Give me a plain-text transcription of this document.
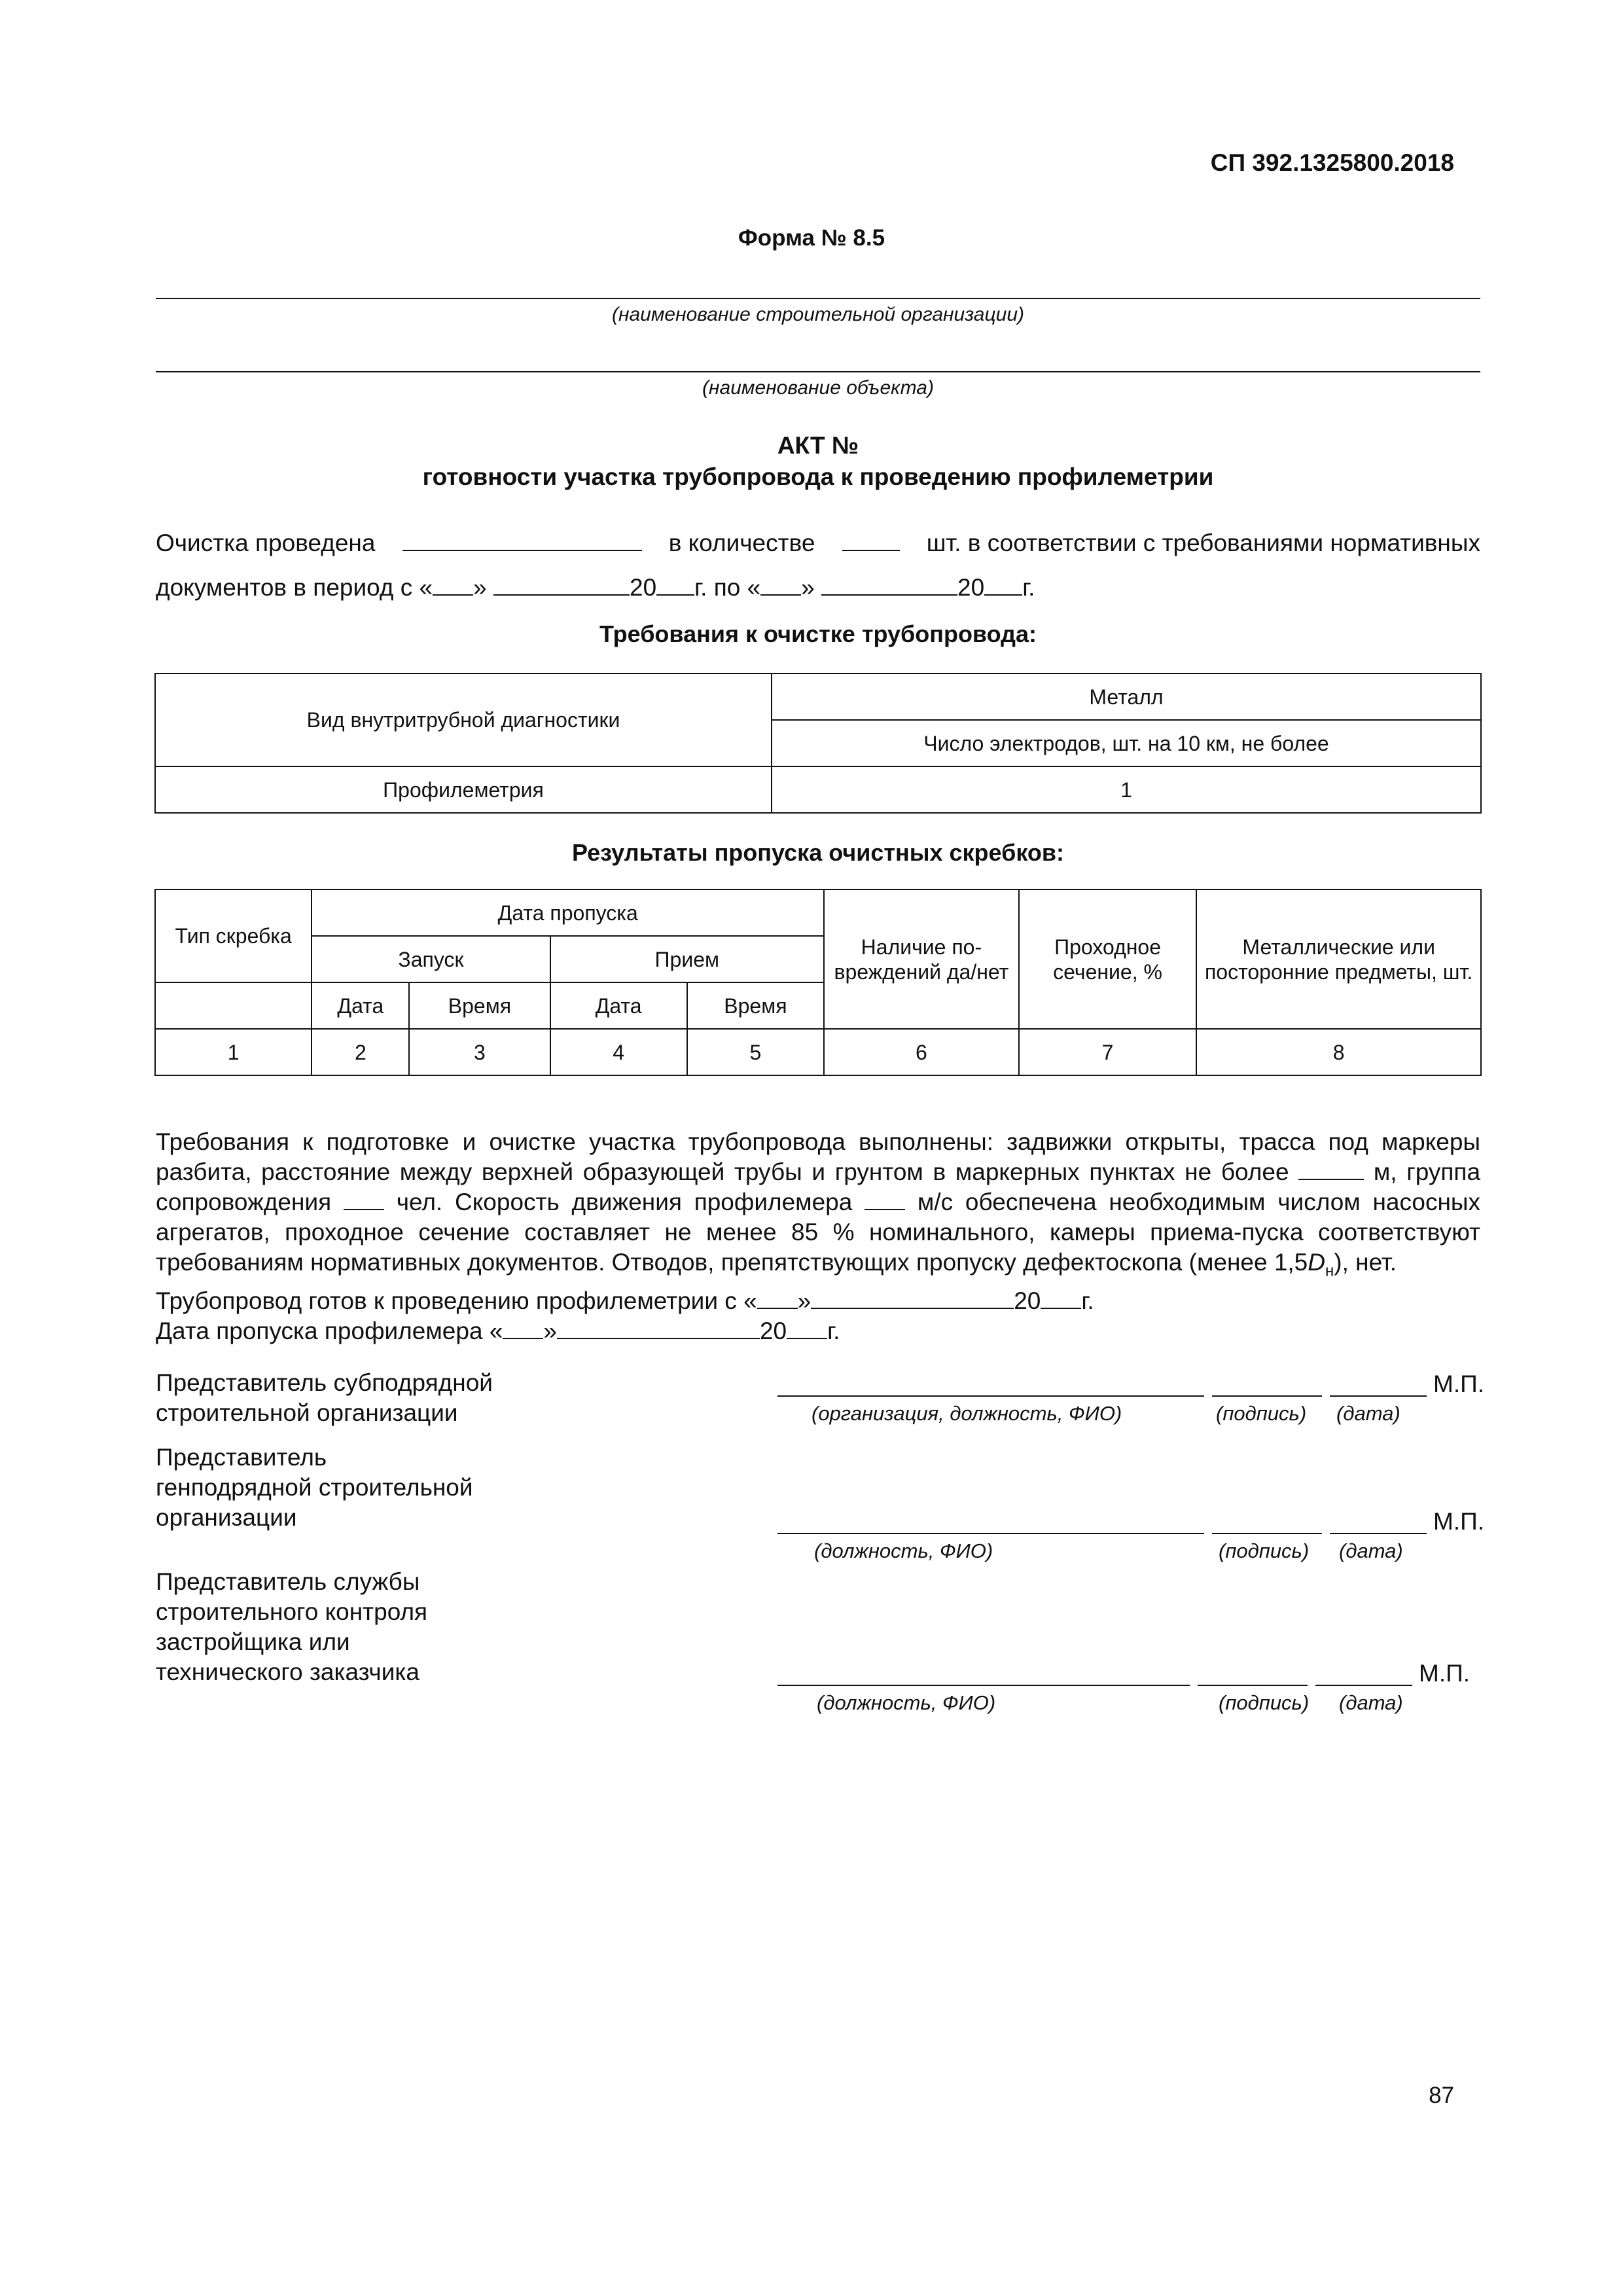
СП 392.1325800.2018
Форма № 8.5
(наименование строительной организации)
(наименование объекта)
АКТ №
готовности участка трубопровода к проведению профилеметрии
Очистка проведена	в количестве	шт. в соответствии с требованиями нормативных
документов в период с « »	20 г. по « »	20 г.
Требования к очистке трубопровода:
Вид внутритрубной диагностики	Металл
	Число электродов, шт. на 10 км, не более
Профилеметрия	1
Результаты пропуска очистных скребков:
Тип скребка	Дата пропуска				Наличие по-вреждений да/нет	Проходное сечение, %	Металлические или посторонние предметы, шт.
	Запуск		Прием				
	Дата	Время	Дата	Время			
1	2	3	4	5	6	7	8

Требования к подготовке и очистке участка трубопровода выполнены: задвижки открыты, трасса под маркеры разбита, расстояние между верхней образующей трубы и грунтом в маркерных пунктах не более	м, группа сопровождения	чел. Скорость движения профилемера	м/с обеспечена необходимым числом насосных агрегатов, проходное сечение составляет не менее 85 % номинального, камеры приема-пуска соответствуют требованиям нормативных документов. Отводов, препятствующих пропуску дефектоскопа (менее $1,5D_н$), нет.

Трубопровод готов к проведению профилеметрии с « »	20 г.

Дата пропуска профилемера « »	20 г.

Представитель субподрядной
строительной организации
М.П.
(организация, должность, ФИО)	(подпись) (дата)
Представитель
генподрядной строительной
организации	М.П.
(должность, ФИО)	(подпись) (дата)
Представитель службы
строительного контроля
застройщика или
технического заказчика	М.П.
(должность, ФИО)	(подпись) (дата)
87
